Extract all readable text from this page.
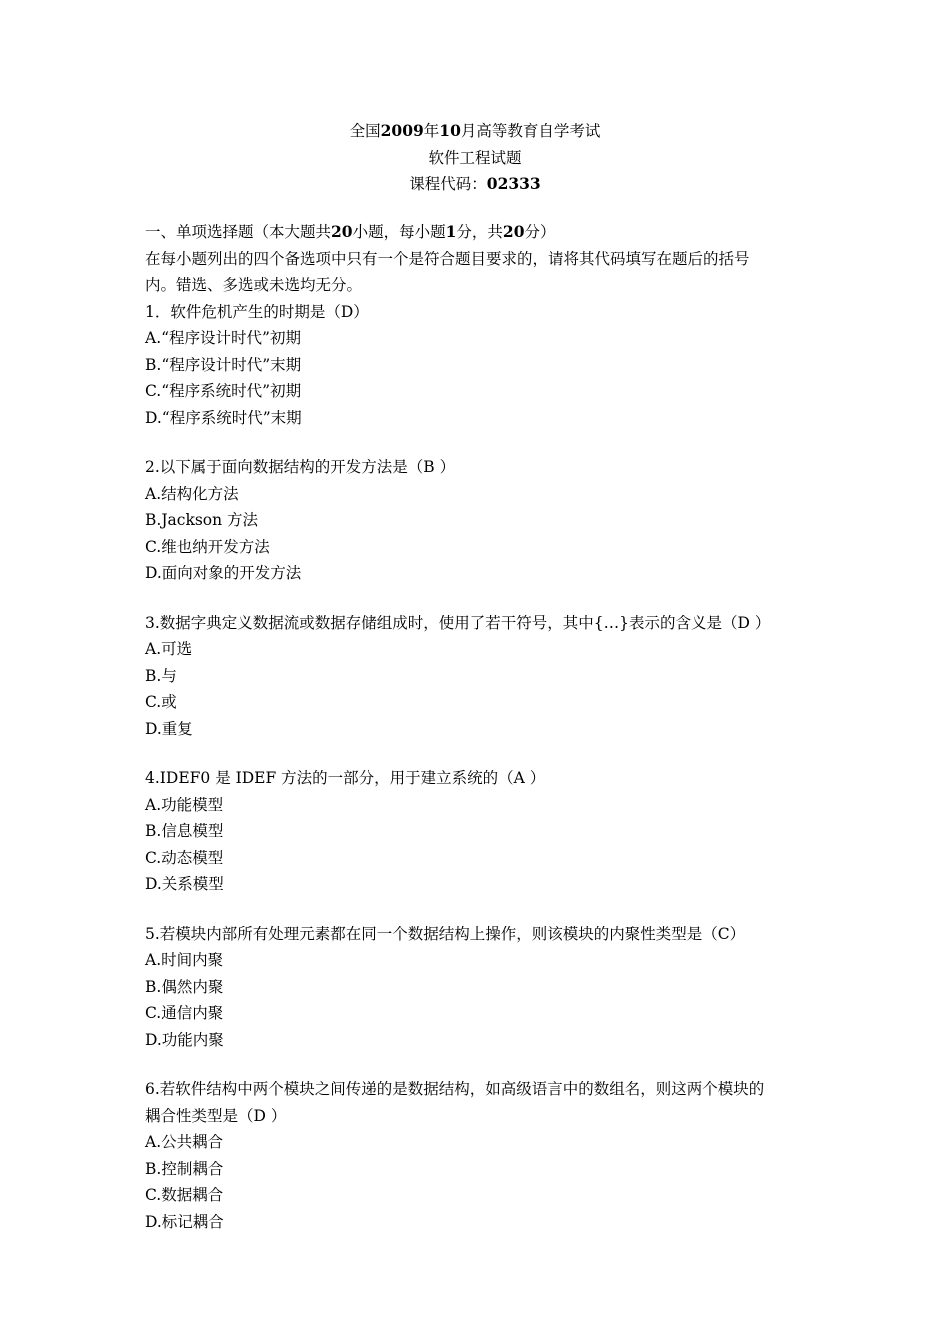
全国2009年10月高等教育自学考试
软件工程试题
课程代码：02333
一、单项选择题（本大题共20小题，每小题1分，共20分）
在每小题列出的四个备选项中只有一个是符合题目要求的，请将其代码填写在题后的括号
内。错选、多选或未选均无分。
1．软件危机产生的时期是（D）
A.“程序设计时代”初期
B.“程序设计时代”末期
C.“程序系统时代”初期
D.“程序系统时代”末期
2.以下属于面向数据结构的开发方法是（B ）
A.结构化方法
B.Jackson 方法
C.维也纳开发方法
D.面向对象的开发方法
3.数据字典定义数据流或数据存储组成时，使用了若干符号，其中{…}表示的含义是（D ）
A.可选
B.与
C.或
D.重复
4.IDEF0 是 IDEF 方法的一部分，用于建立系统的（A ）
A.功能模型
B.信息模型
C.动态模型
D.关系模型
5.若模块内部所有处理元素都在同一个数据结构上操作，则该模块的内聚性类型是（C）
A.时间内聚
B.偶然内聚
C.通信内聚
D.功能内聚
6.若软件结构中两个模块之间传递的是数据结构，如高级语言中的数组名，则这两个模块的
耦合性类型是（D ）
A.公共耦合
B.控制耦合
C.数据耦合
D.标记耦合
